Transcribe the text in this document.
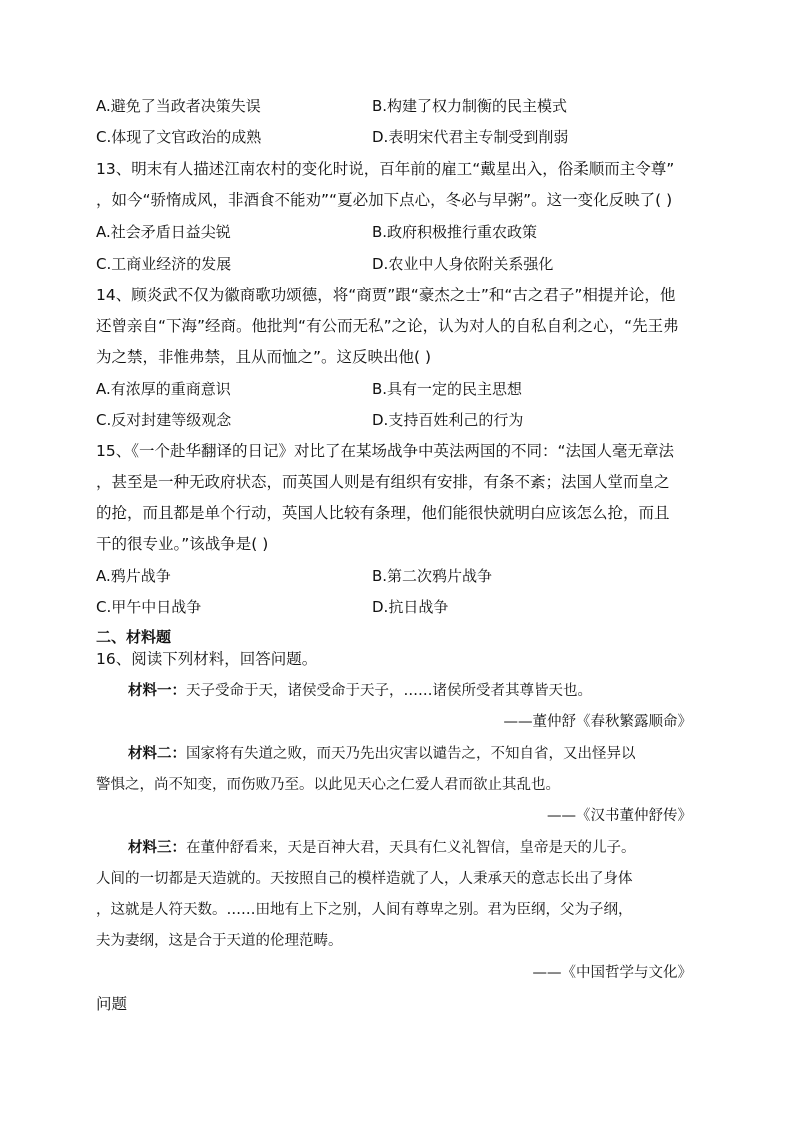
A.避免了当政者决策失误	B.构建了权力制衡的民主模式
C.体现了文官政治的成熟	D.表明宋代君主专制受到削弱
13、明末有人描述江南农村的变化时说，百年前的雇工“戴星出入，俗柔顺而主令尊”
，如今“骄惰成风，非酒食不能劝”“夏必加下点心，冬必与早粥”。这一变化反映了( )
A.社会矛盾日益尖锐	B.政府积极推行重农政策
C.工商业经济的发展	D.农业中人身依附关系强化
14、顾炎武不仅为徽商歌功颂德，将“商贾”跟“豪杰之士”和“古之君子”相提并论，他
还曾亲自“下海”经商。他批判“有公而无私”之论，认为对人的自私自利之心，“先王弗
为之禁，非惟弗禁，且从而恤之”。这反映出他( )
A.有浓厚的重商意识	B.具有一定的民主思想
C.反对封建等级观念	D.支持百姓利己的行为
15、《一个赴华翻译的日记》对比了在某场战争中英法两国的不同：“法国人毫无章法
，甚至是一种无政府状态，而英国人则是有组织有安排，有条不紊；法国人堂而皇之
的抢，而且都是单个行动，英国人比较有条理，他们能很快就明白应该怎么抢，而且
干的很专业。”该战争是( )
A.鸦片战争	B.第二次鸦片战争
C.甲午中日战争	D.抗日战争
二、材料题
16、阅读下列材料，回答问题。
材料一：天子受命于天，诸侯受命于天子，……诸侯所受者其尊皆天也。
——董仲舒《春秋繁露顺命》
材料二：国家将有失道之败，而天乃先出灾害以谴告之，不知自省，又出怪异以
警惧之，尚不知变，而伤败乃至。以此见天心之仁爱人君而欲止其乱也。
——《汉书董仲舒传》
材料三：在董仲舒看来，天是百神大君，天具有仁义礼智信，皇帝是天的儿子。
人间的一切都是天造就的。天按照自己的模样造就了人，人秉承天的意志长出了身体
，这就是人符天数。……田地有上下之别，人间有尊卑之别。君为臣纲，父为子纲，
夫为妻纲，这是合于天道的伦理范畴。
——《中国哲学与文化》
问题
